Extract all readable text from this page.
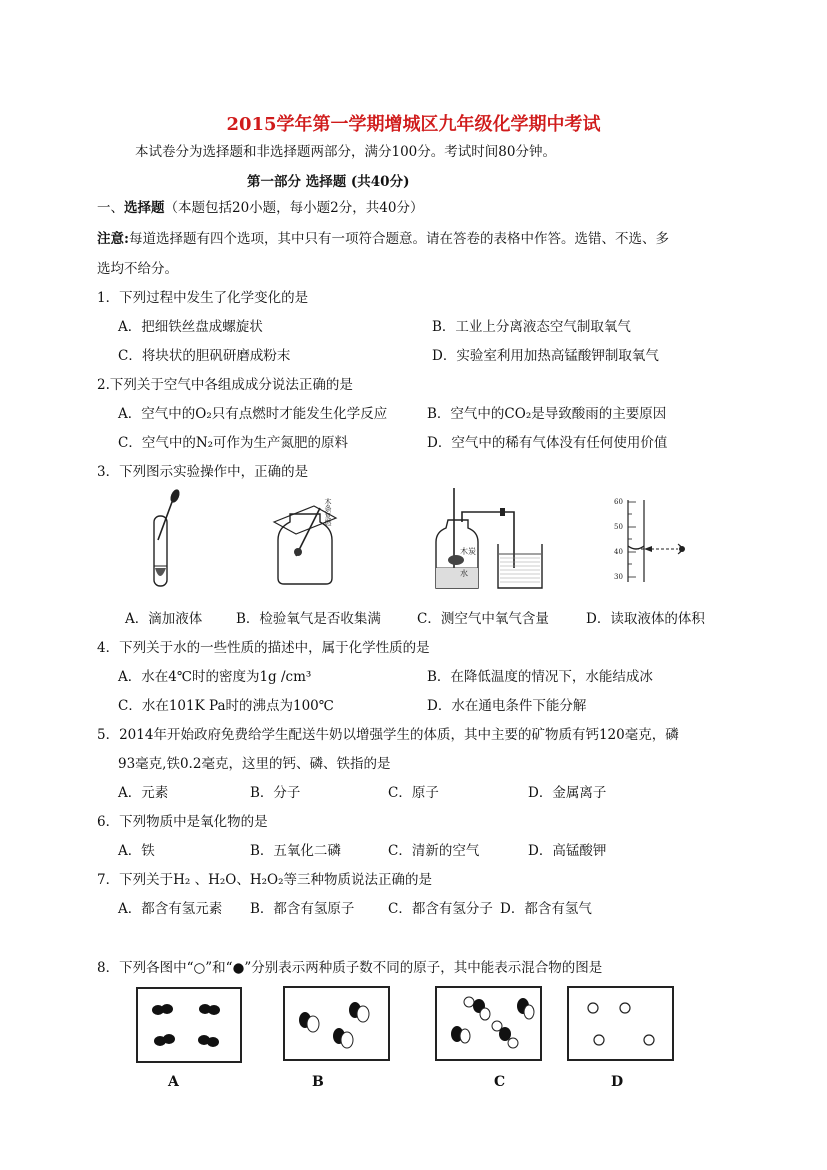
2015学年第一学期增城区九年级化学期中考试
本试卷分为选择题和非选择题两部分，满分100分。考试时间80分钟。
第一部分 选择题 (共40分)
一、选择题（本题包括20小题，每小题2分，共40分）
注意:每道选择题有四个选项，其中只有一项符合题意。请在答卷的表格中作答。选错、不选、多
选均不给分。
1．下列过程中发生了化学变化的是
A．把细铁丝盘成螺旋状	B．工业上分离液态空气制取氧气
C．将块状的胆矾研磨成粉末	D．实验室利用加热高锰酸钾制取氧气
2.下列关于空气中各组成成分说法正确的是
A．空气中的O₂只有点燃时才能发生化学反应	B．空气中的CO₂是导致酸雨的主要原因
C．空气中的N₂可作为生产氮肥的原料	D．空气中的稀有气体没有任何使用价值
3．下列图示实验操作中，正确的是
木条复燃
木炭
水
60
50
40
30
A．滴加液体	B．检验氧气是否收集满	C．测空气中氧气含量	D．读取液体的体积
4．下列关于水的一些性质的描述中，属于化学性质的是
A．水在4℃时的密度为1g /cm³	B．在降低温度的情况下，水能结成冰
C．水在101K Pa时的沸点为100℃	D．水在通电条件下能分解
5．2014年开始政府免费给学生配送牛奶以增强学生的体质，其中主要的矿物质有钙120毫克，磷
93毫克,铁0.2毫克，这里的钙、磷、铁指的是
A．元素	B．分子	C．原子	D．金属离子
6．下列物质中是氧化物的是
A．铁	B．五氧化二磷	C．清新的空气	D．高锰酸钾
7．下列关于H₂ 、H₂O、H₂O₂等三种物质说法正确的是
A．都含有氢元素 B．都含有氢原子 C．都含有氢分子 D．都含有氢气
8．下列各图中“○”和“●”分别表示两种质子数不同的原子，其中能表示混合物的图是
A	B	C	D
